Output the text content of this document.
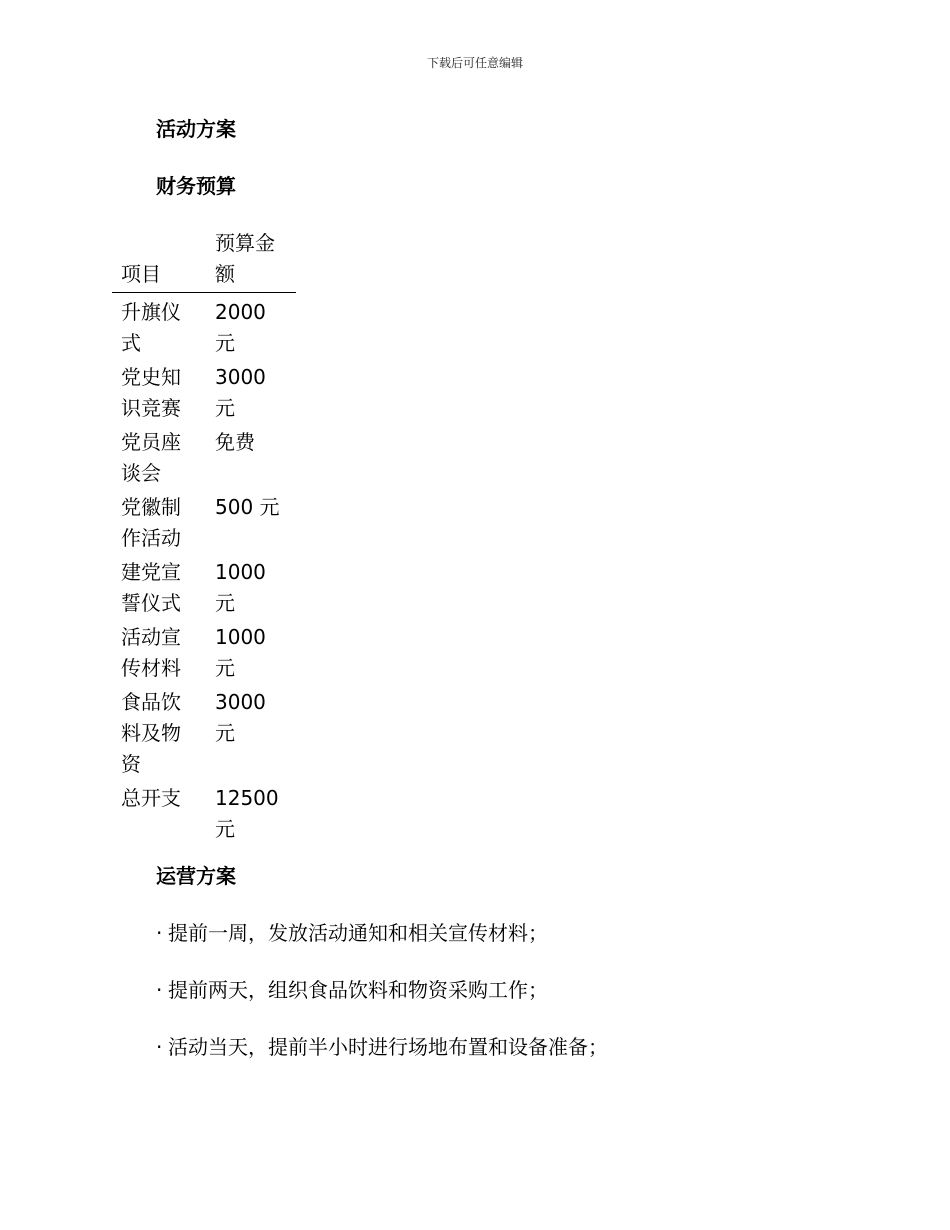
下载后可任意编辑
活动方案
财务预算
项目	预算金额

升旗仪式	2000元

党史知识竞赛	3000元

党员座谈会	免费

党徽制作活动	500 元

建党宣誓仪式	1000元

活动宣传材料	1000元

食品饮料及物资	3000元

总开支	12500元
运营方案
· 提前一周，发放活动通知和相关宣传材料；
· 提前两天，组织食品饮料和物资采购工作；
· 活动当天，提前半小时进行场地布置和设备准备；
